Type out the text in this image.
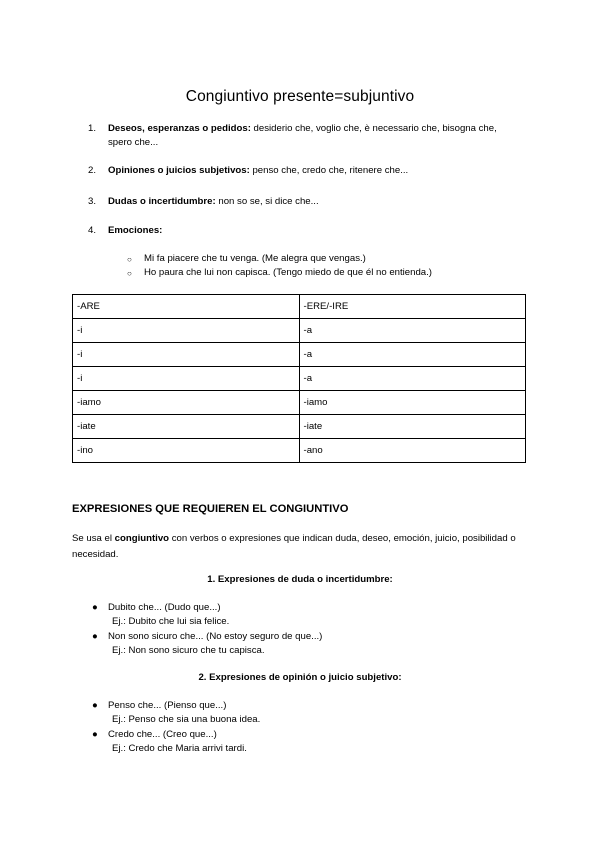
Congiuntivo presente=subjuntivo
1. Deseos, esperanzas o pedidos: desiderio che, voglio che, è necessario che, bisogna che, spero che...
2. Opiniones o juicios subjetivos: penso che, credo che, ritenere che...
3. Dudas o incertidumbre: non so se, si dice che...
4. Emociones:
○ Mi fa piacere che tu venga. (Me alegra que vengas.)
○ Ho paura che lui non capisca. (Tengo miedo de que él no entienda.)
-ARE	-ERE/-IRE
-i	-a
-i	-a
-i	-a
-iamo	-iamo
-iate	-iate
-ino	-ano
EXPRESIONES QUE REQUIEREN EL CONGIUNTIVO
Se usa el congiuntivo con verbos o expresiones que indican duda, deseo, emoción, juicio, posibilidad o necesidad.
1. Expresiones de duda o incertidumbre:
● Dubito che... (Dudo que...)
Ej.: Dubito che lui sia felice.
● Non sono sicuro che... (No estoy seguro de que...)
Ej.: Non sono sicuro che tu capisca.
2. Expresiones de opinión o juicio subjetivo:
● Penso che... (Pienso que...)
Ej.: Penso che sia una buona idea.
● Credo che... (Creo que...)
Ej.: Credo che Maria arrivi tardi.
